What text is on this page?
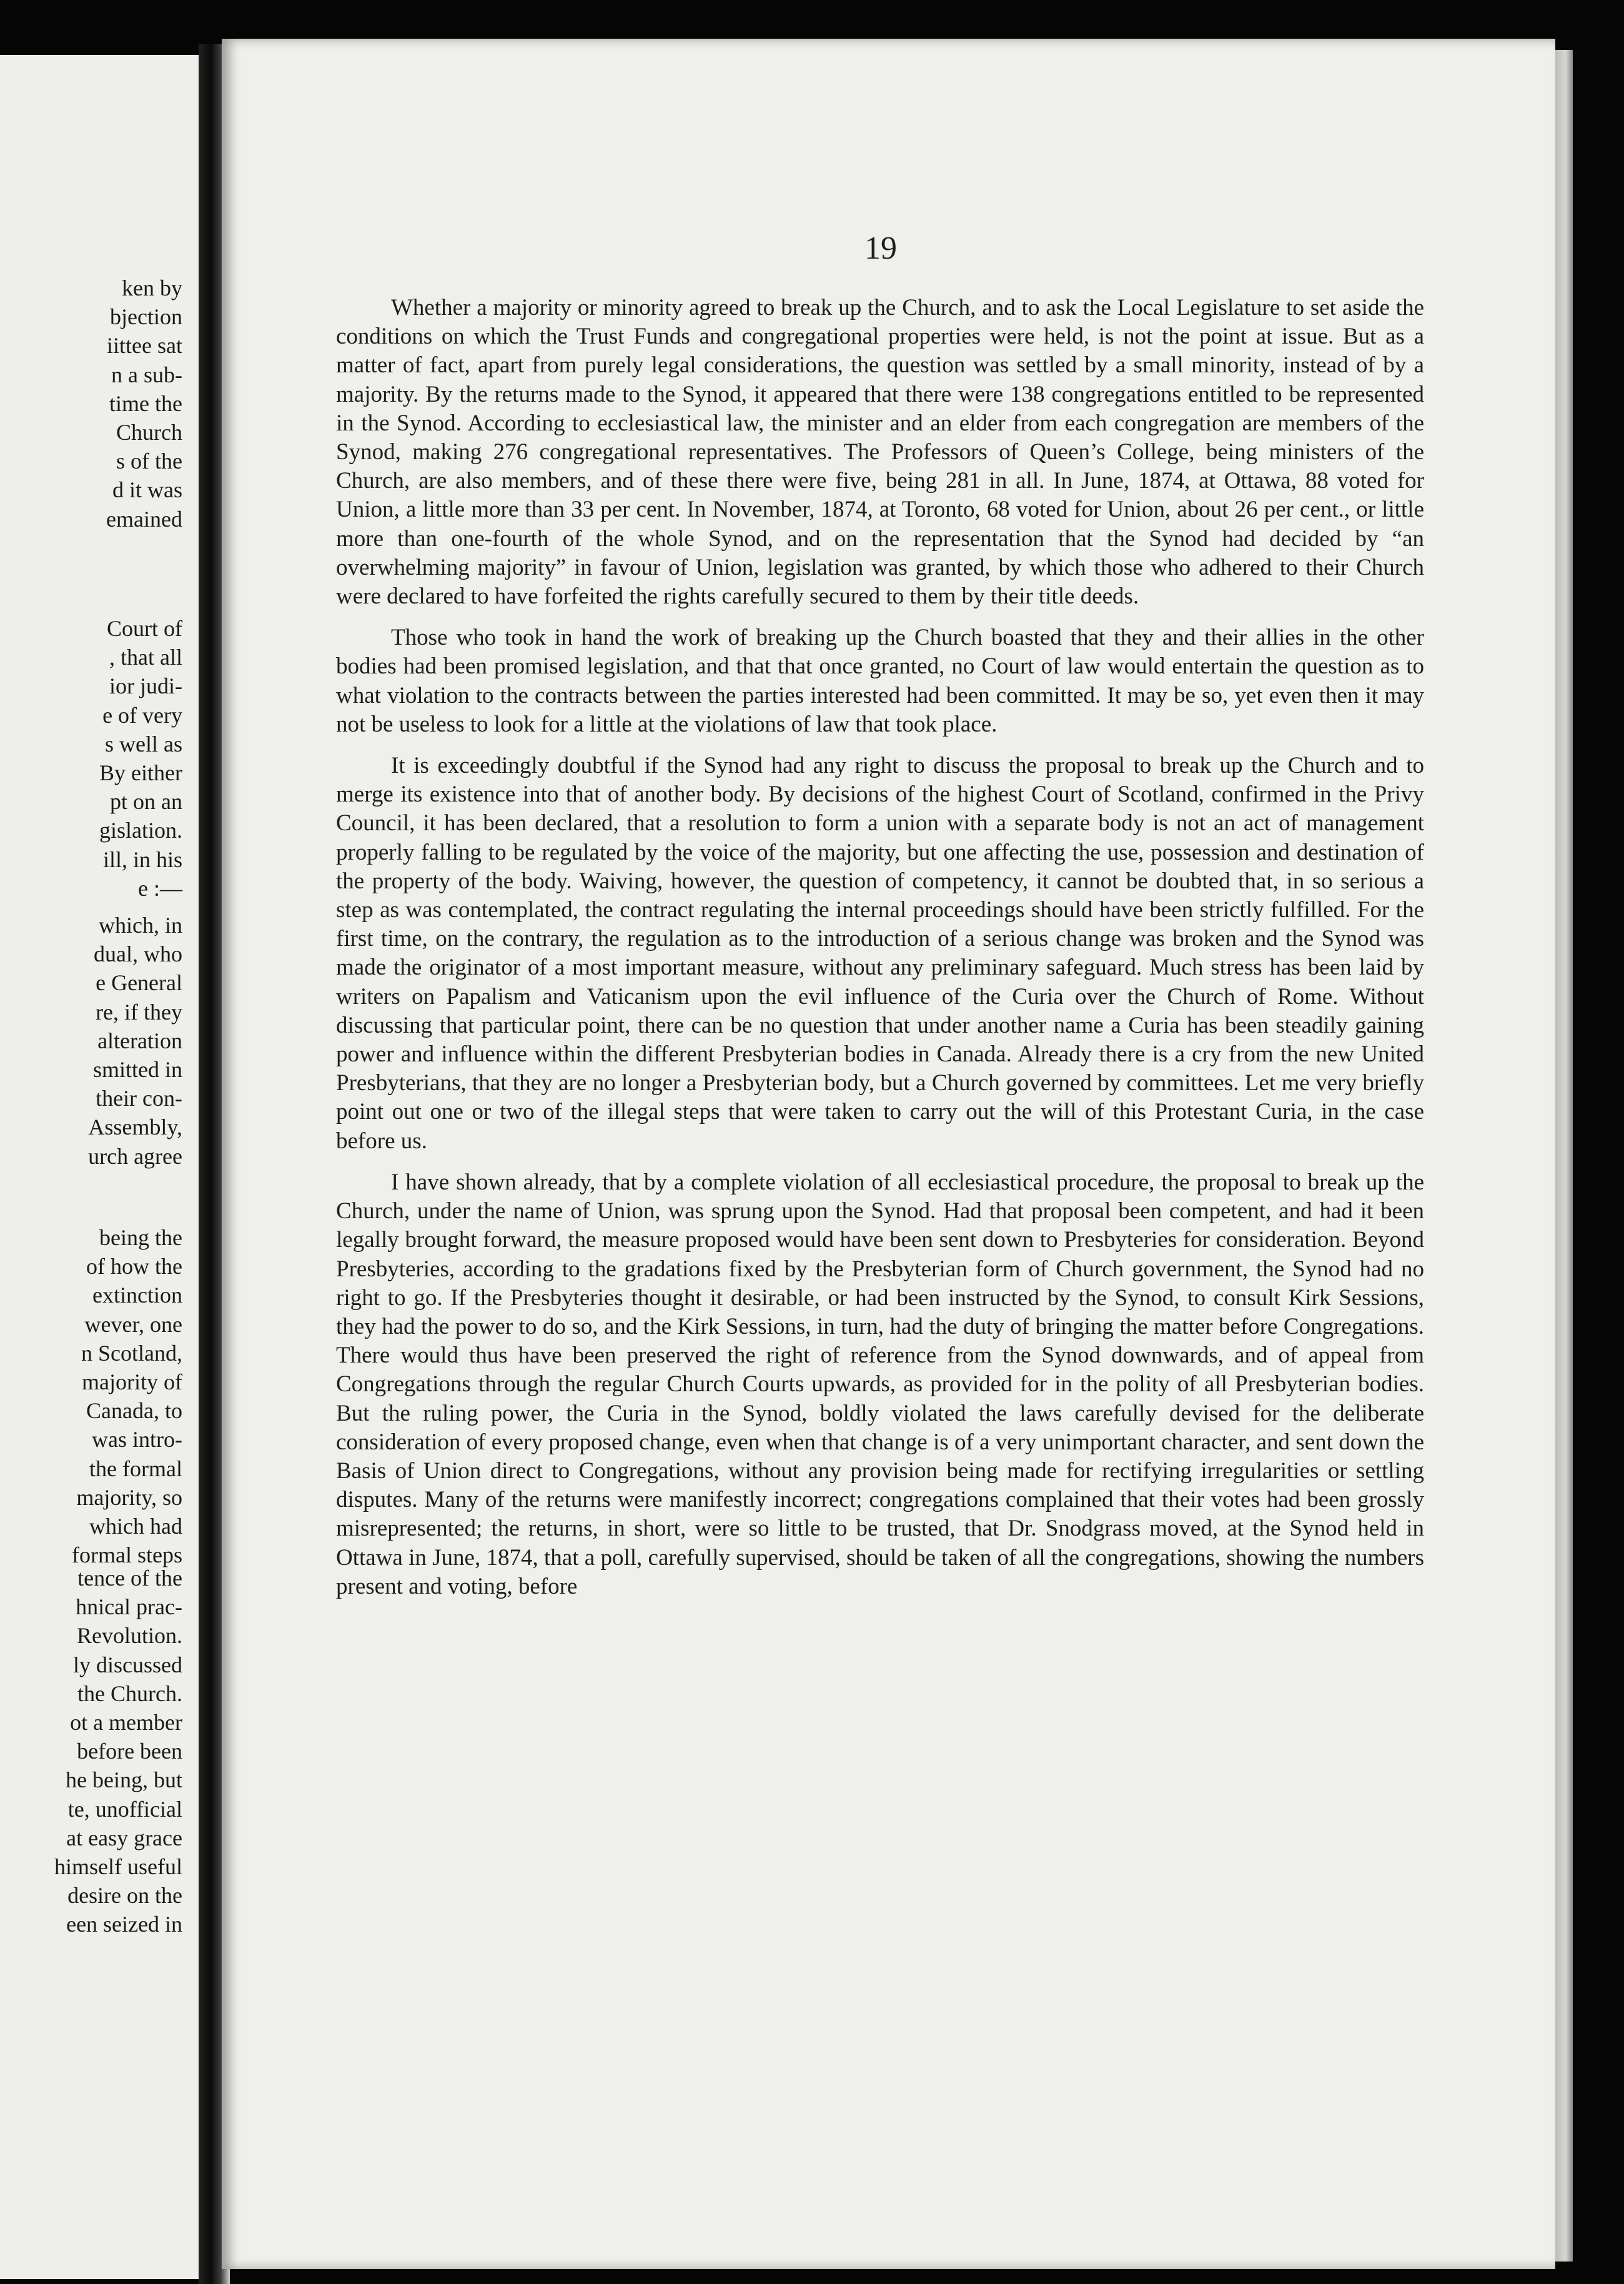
ken by
bjection
iittee sat
n a sub-
time the
Church
s of the
d it was
emained
Court of
, that all
ior judi-
e of very
s well as
By either
pt on an
gislation.
ill, in his
e :—
which, in
dual, who
e General
re, if they
alteration
smitted in
their con-
Assembly,
urch agree
being the
of how the
extinction
wever, one
n Scotland,
majority of
Canada, to
was intro-
the formal
majority, so
which had
formal steps
tence of the
hnical prac-
Revolution.
ly discussed
the Church.
ot a member
before been
he being, but
te, unofficial
at easy grace
himself useful
desire on the
een seized in
19

Whether a majority or minority agreed to break up the Church, and to ask the Local Legislature to set aside the conditions on which the Trust Funds and congregational properties were held, is not the point at issue. But as a matter of fact, apart from purely legal considerations, the question was settled by a small minority, instead of by a majority. By the returns made to the Synod, it appeared that there were 138 congregations entitled to be represented in the Synod. According to ecclesiastical law, the minister and an elder from each congregation are members of the Synod, making 276 congregational representatives. The Professors of Queen’s College, being ministers of the Church, are also members, and of these there were five, being 281 in all. In June, 1874, at Ottawa, 88 voted for Union, a little more than 33 per cent. In November, 1874, at Toronto, 68 voted for Union, about 26 per cent., or little more than one-fourth of the whole Synod, and on the representation that the Synod had decided by “an overwhelming majority” in favour of Union, legislation was granted, by which those who adhered to their Church were declared to have forfeited the rights carefully secured to them by their title deeds.

Those who took in hand the work of breaking up the Church boasted that they and their allies in the other bodies had been promised legislation, and that that once granted, no Court of law would entertain the question as to what violation to the contracts between the parties interested had been committed. It may be so, yet even then it may not be useless to look for a little at the violations of law that took place.

It is exceedingly doubtful if the Synod had any right to discuss the proposal to break up the Church and to merge its existence into that of another body. By decisions of the highest Court of Scotland, confirmed in the Privy Council, it has been declared, that a resolution to form a union with a separate body is not an act of management properly falling to be regulated by the voice of the majority, but one affecting the use, possession and destination of the property of the body. Waiving, however, the question of competency, it cannot be doubted that, in so serious a step as was contemplated, the contract regulating the internal proceedings should have been strictly fulfilled. For the first time, on the contrary, the regulation as to the introduction of a serious change was broken and the Synod was made the originator of a most important measure, without any preliminary safeguard. Much stress has been laid by writers on Papalism and Vaticanism upon the evil influence of the Curia over the Church of Rome. Without discussing that particular point, there can be no question that under another name a Curia has been steadily gaining power and influence within the different Presbyterian bodies in Canada. Already there is a cry from the new United Presbyterians, that they are no longer a Presbyterian body, but a Church governed by committees. Let me very briefly point out one or two of the illegal steps that were taken to carry out the will of this Protestant Curia, in the case before us.

I have shown already, that by a complete violation of all ecclesiastical procedure, the proposal to break up the Church, under the name of Union, was sprung upon the Synod. Had that proposal been competent, and had it been legally brought forward, the measure proposed would have been sent down to Presbyteries for consideration. Beyond Presbyteries, according to the gradations fixed by the Presbyterian form of Church government, the Synod had no right to go. If the Presbyteries thought it desirable, or had been instructed by the Synod, to consult Kirk Sessions, they had the power to do so, and the Kirk Sessions, in turn, had the duty of bringing the matter before Congregations. There would thus have been preserved the right of reference from the Synod downwards, and of appeal from Congregations through the regular Church Courts upwards, as provided for in the polity of all Presbyterian bodies. But the ruling power, the Curia in the Synod, boldly violated the laws carefully devised for the deliberate consideration of every proposed change, even when that change is of a very unimportant character, and sent down the Basis of Union direct to Congregations, without any provision being made for rectifying irregularities or settling disputes. Many of the returns were manifestly incorrect; congregations complained that their votes had been grossly misrepresented; the returns, in short, were so little to be trusted, that Dr. Snodgrass moved, at the Synod held in Ottawa in June, 1874, that a poll, carefully supervised, should be taken of all the congregations, showing the numbers present and voting, before
